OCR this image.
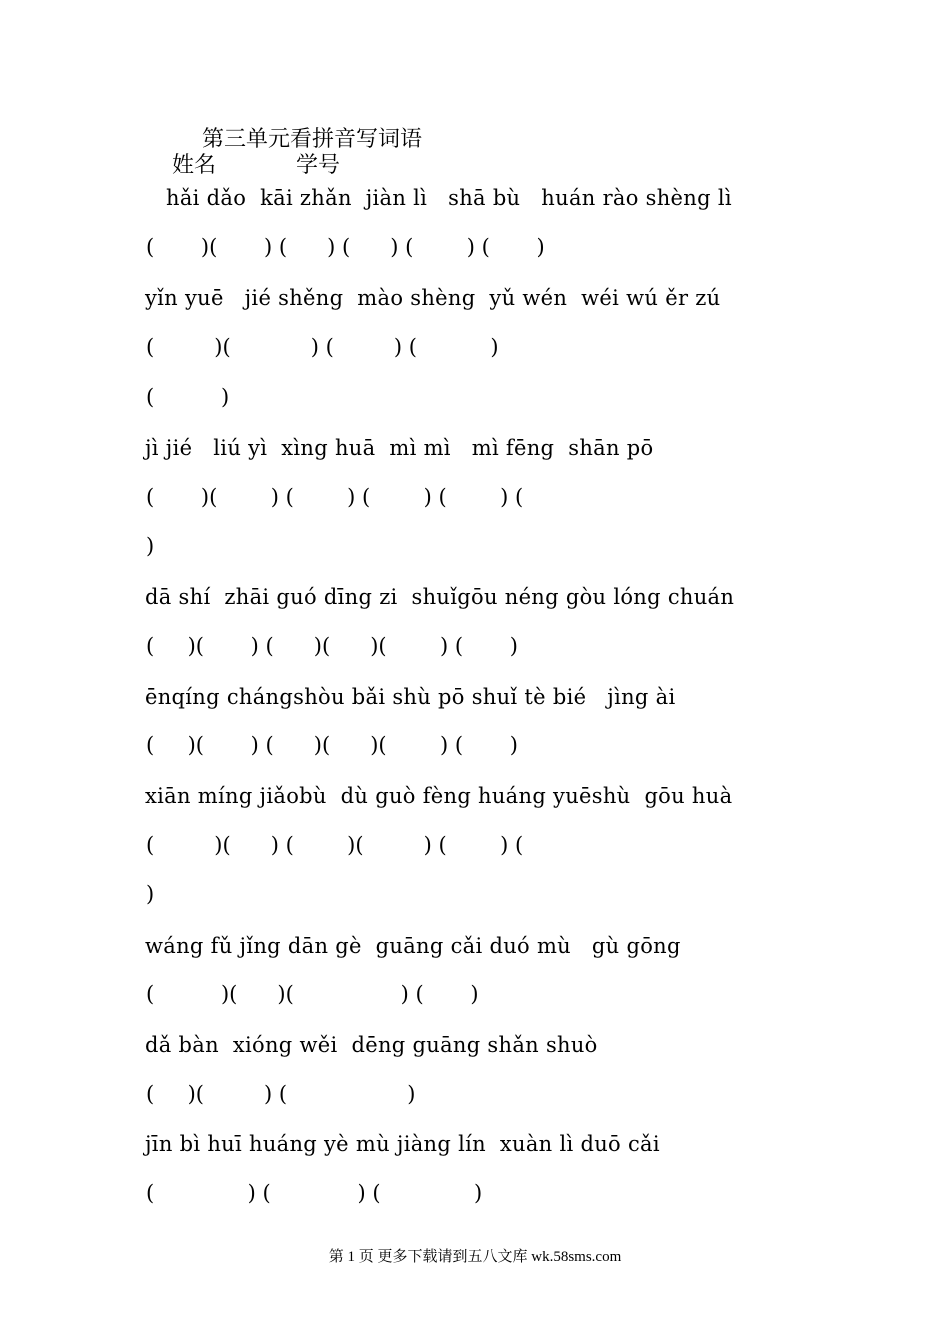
第三单元看拼音写词语
姓名	学号
hǎi dǎo  kāi zhǎn  jiàn lì   shā bù   huán rào shèng lì
(       )(       ) (      ) (      ) (        ) (       )
yǐn yuē   jié shěng  mào shèng  yǔ wén  wéi wú ěr zú
(         )(            ) (         ) (           )
(          )
jì jié   liú yì  xìng huā  mì mì   mì fēng  shān pō
(       )(        ) (        ) (        ) (        ) (
)
dā shí  zhāi guó dīng zi  shuǐgōu néng gòu lóng chuán
(     )(       ) (      )(      )(        ) (       )
ēnqíng chángshòu bǎi shù pō shuǐ tè bié   jìng ài
(     )(       ) (      )(      )(        ) (       )
xiān míng jiǎobù  dù guò fèng huáng yuēshù  gōu huà
(         )(      ) (        )(         ) (        ) (
)
wáng fǔ jǐng dān gè  guāng cǎi duó mù   gù gōng
(          )(      )(                ) (       )
dǎ bàn  xióng wěi  dēng guāng shǎn shuò
(     )(         ) (                  )
jīn bì huī huáng yè mù jiàng lín  xuàn lì duō cǎi
(              ) (             ) (              )
第 1 页 更多下载请到五八文库 wk.58sms.com
